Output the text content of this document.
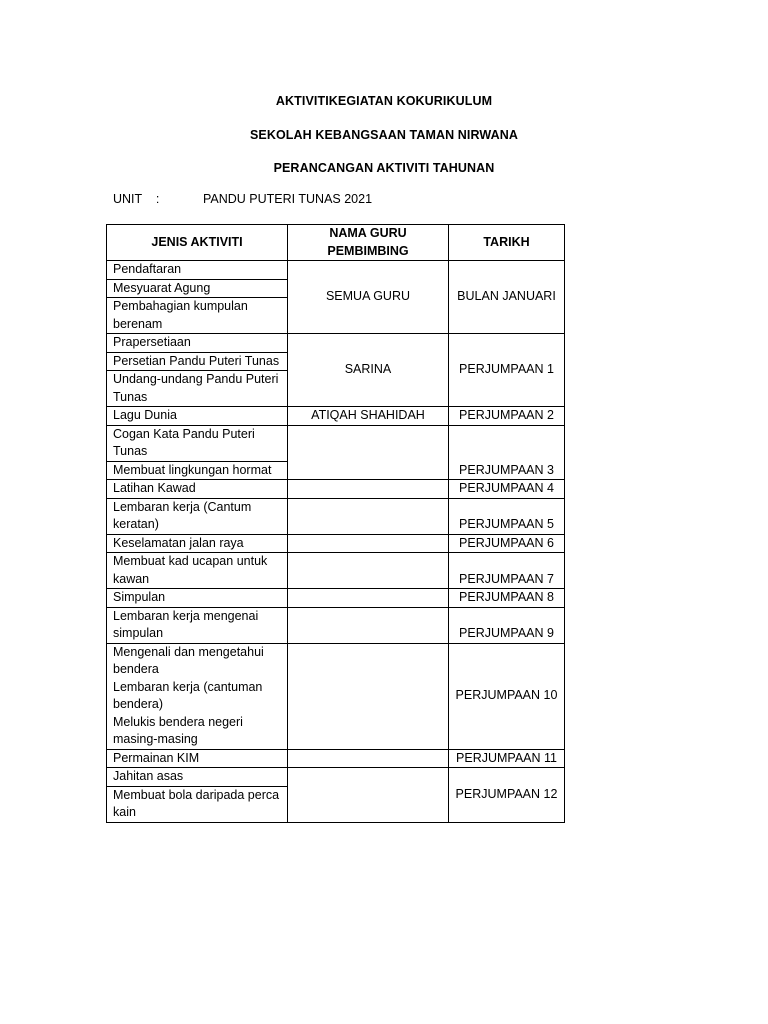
AKTIVITIKEGIATAN KOKURIKULUM
SEKOLAH KEBANGSAAN TAMAN NIRWANA
PERANCANGAN AKTIVITI TAHUNAN
UNIT    :	PANDU PUTERI TUNAS 2021
JENIS AKTIVITI	NAMA GURU PEMBIMBING	TARIKH
Pendaftaran	SEMUA GURU	BULAN JANUARI
Mesyuarat Agung		
Pembahagian kumpulan berenam		
Prapersetiaan	SARINA	PERJUMPAAN 1
Persetian Pandu Puteri Tunas		
Undang-undang Pandu Puteri Tunas		
Lagu Dunia	ATIQAH SHAHIDAH	PERJUMPAAN 2
Cogan Kata Pandu Puteri Tunas		PERJUMPAAN 3
Membuat lingkungan hormat		
Latihan Kawad		PERJUMPAAN 4
Lembaran kerja (Cantum keratan)		PERJUMPAAN 5
Keselamatan jalan raya		PERJUMPAAN 6
Membuat kad ucapan untuk kawan		PERJUMPAAN 7
Simpulan		PERJUMPAAN 8
Lembaran kerja mengenai simpulan		PERJUMPAAN 9

Mengenali dan mengetahui bendera
Lembaran kerja (cantuman bendera)
Melukis bendera negeri masing-masing		PERJUMPAAN 10
Permainan KIM		PERJUMPAAN 11
Jahitan asas		PERJUMPAAN 12
Membuat bola daripada perca kain		
